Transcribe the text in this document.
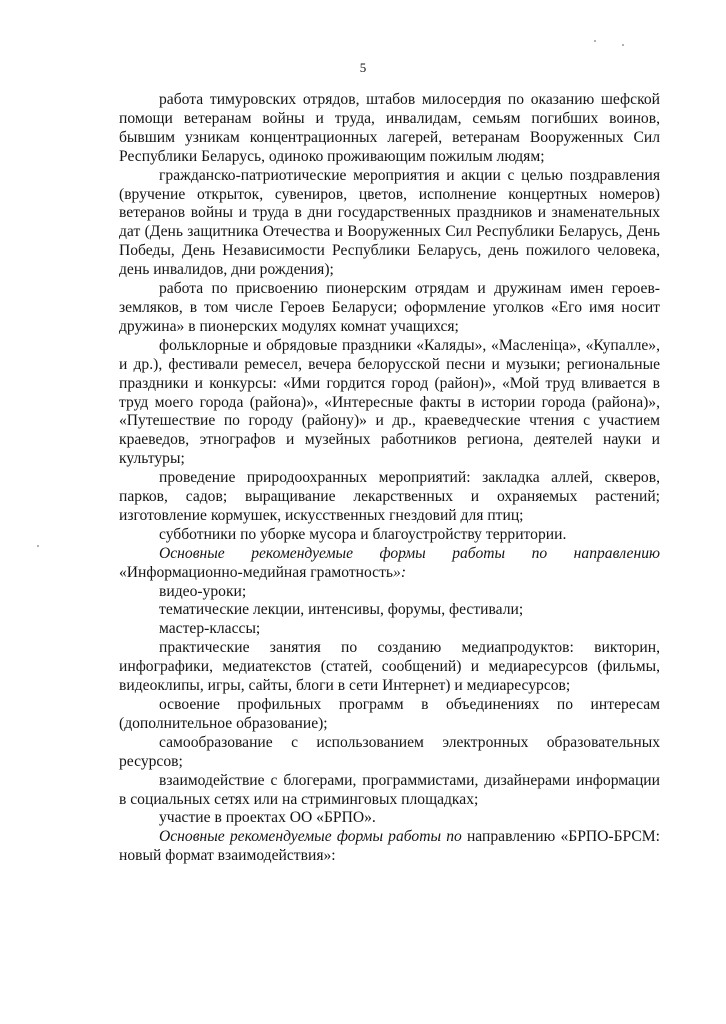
5

работа тимуровских отрядов, штабов милосердия по оказанию шефской помощи ветеранам войны и труда, инвалидам, семьям погибших воинов, бывшим узникам концентрационных лагерей, ветеранам Вооруженных Сил Республики Беларусь, одиноко проживающим пожилым людям;

гражданско-патриотические мероприятия и акции с целью поздравления (вручение открыток, сувениров, цветов, исполнение концертных номеров) ветеранов войны и труда в дни государственных праздников и знаменательных дат (День защитника Отечества и Вооруженных Сил Республики Беларусь, День Победы, День Независимости Республики Беларусь, день пожилого человека, день инвалидов, дни рождения);

работа по присвоению пионерским отрядам и дружинам имен героев-земляков, в том числе Героев Беларуси; оформление уголков «Его имя носит дружина» в пионерских модулях комнат учащихся;

фольклорные и обрядовые праздники «Каляды», «Масленіца», «Купалле», и др.), фестивали ремесел, вечера белорусской песни и музыки; региональные праздники и конкурсы: «Ими гордится город (район)», «Мой труд вливается в труд моего города (района)», «Интересные факты в истории города (района)», «Путешествие по городу (району)» и др., краеведческие чтения с участием краеведов, этнографов и музейных работников региона, деятелей науки и культуры;

проведение природоохранных мероприятий: закладка аллей, скверов, парков, садов; выращивание лекарственных и охраняемых растений; изготовление кормушек, искусственных гнездовий для птиц;

субботники по уборке мусора и благоустройству территории.

Основные рекомендуемые формы работы по направлению «Информационно-медийная грамотность»:

видео-уроки;

тематические лекции, интенсивы, форумы, фестивали;

мастер-классы;

практические занятия по созданию медиапродуктов: викторин, инфографики, медиатекстов (статей, сообщений) и медиаресурсов (фильмы, видеоклипы, игры, сайты, блоги в сети Интернет) и медиаресурсов;

освоение профильных программ в объединениях по интересам (дополнительное образование);

самообразование с использованием электронных образовательных ресурсов;

взаимодействие с блогерами, программистами, дизайнерами информации в социальных сетях или на стриминговых площадках;

участие в проектах ОО «БРПО».

Основные рекомендуемые формы работы по направлению «БРПО-БРСМ: новый формат взаимодействия»:
